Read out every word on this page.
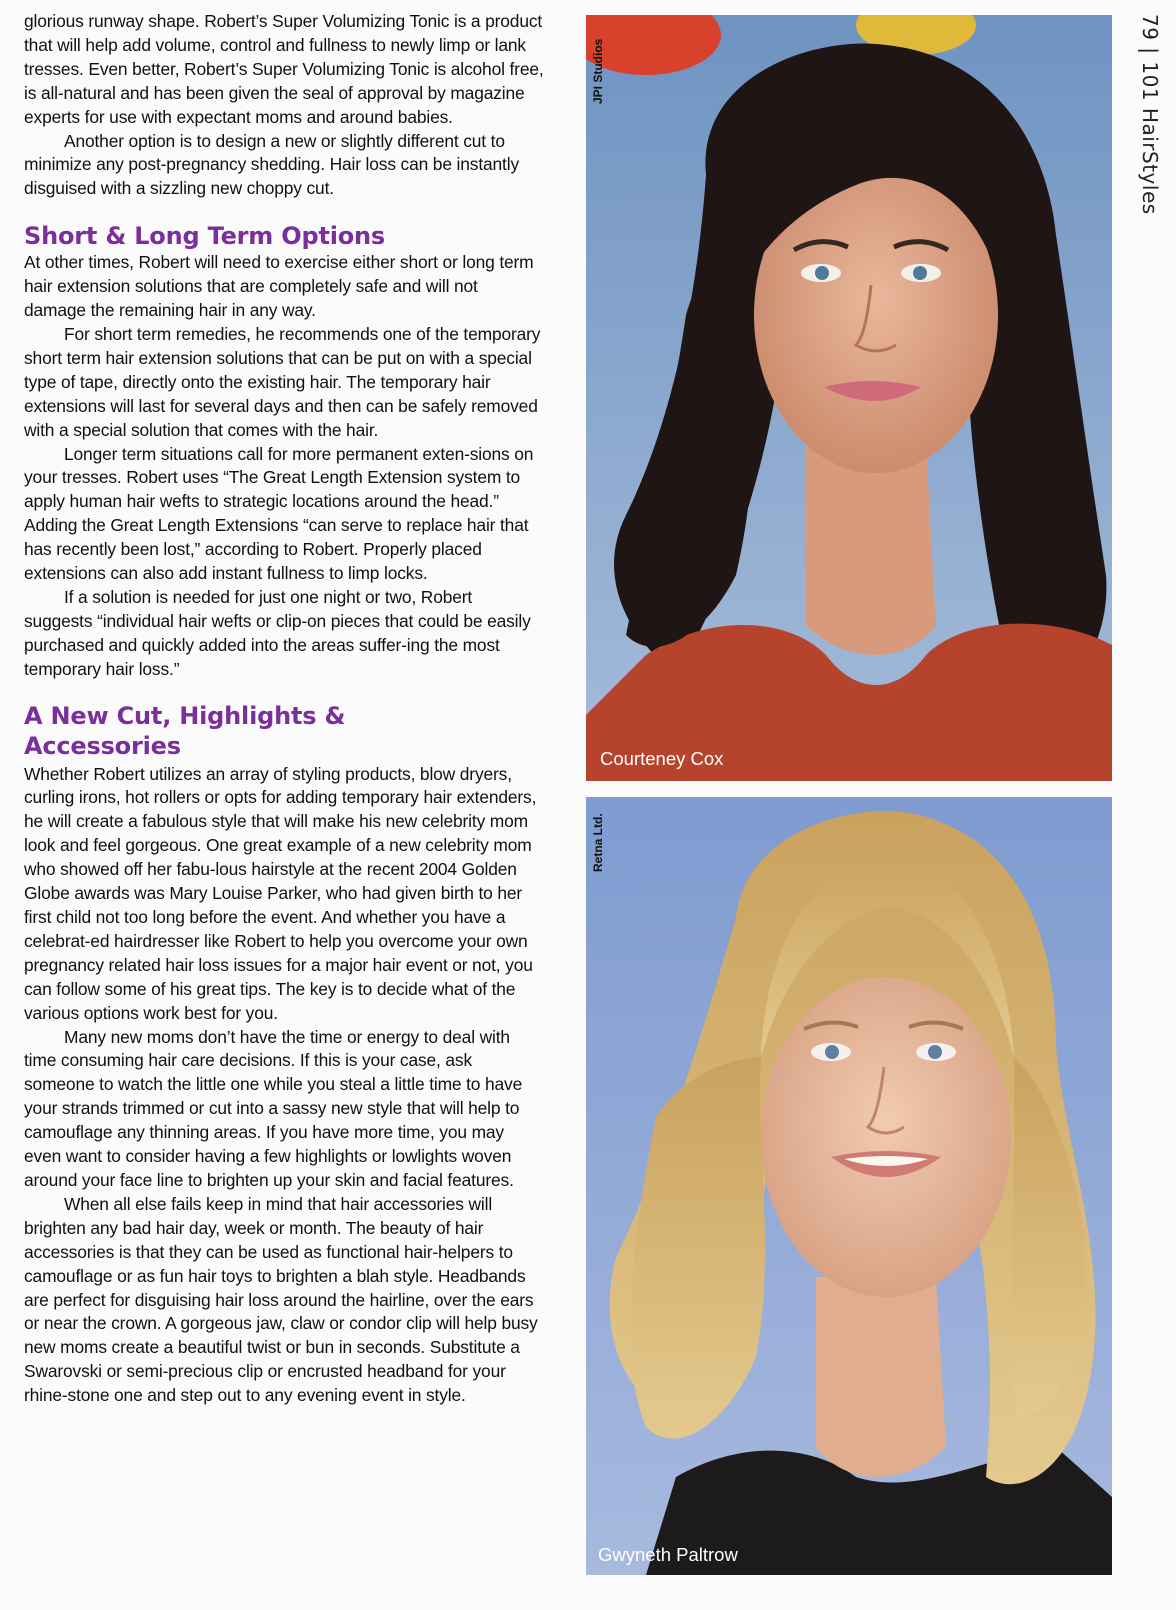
glorious runway shape. Robert’s Super Volumizing Tonic is a product that will help add volume, control and fullness to newly limp or lank tresses. Even better, Robert’s Super Volumizing Tonic is alcohol free, is all-natural and has been given the seal of approval by magazine experts for use with expectant moms and around babies.

Another option is to design a new or slightly different cut to minimize any post-pregnancy shedding. Hair loss can be instantly disguised with a sizzling new choppy cut.

Short & Long Term Options

At other times, Robert will need to exercise either short or long term hair extension solutions that are completely safe and will not damage the remaining hair in any way.

For short term remedies, he recommends one of the temporary short term hair extension solutions that can be put on with a special type of tape, directly onto the existing hair. The temporary hair extensions will last for several days and then can be safely removed with a special solution that comes with the hair.

Longer term situations call for more permanent exten-sions on your tresses. Robert uses “The Great Length Extension system to apply human hair wefts to strategic locations around the head.” Adding the Great Length Extensions “can serve to replace hair that has recently been lost,” according to Robert. Properly placed extensions can also add instant fullness to limp locks.

If a solution is needed for just one night or two, Robert suggests “individual hair wefts or clip-on pieces that could be easily purchased and quickly added into the areas suffer-ing the most temporary hair loss.”

A New Cut, Highlights &
Accessories

Whether Robert utilizes an array of styling products, blow dryers, curling irons, hot rollers or opts for adding temporary hair extenders, he will create a fabulous style that will make his new celebrity mom look and feel gorgeous. One great example of a new celebrity mom who showed off her fabu-lous hairstyle at the recent 2004 Golden Globe awards was Mary Louise Parker, who had given birth to her first child not too long before the event. And whether you have a celebrat-ed hairdresser like Robert to help you overcome your own pregnancy related hair loss issues for a major hair event or not, you can follow some of his great tips. The key is to decide what of the various options work best for you.

Many new moms don’t have the time or energy to deal with time consuming hair care decisions. If this is your case, ask someone to watch the little one while you steal a little time to have your strands trimmed or cut into a sassy new style that will help to camouflage any thinning areas. If you have more time, you may even want to consider having a few highlights or lowlights woven around your face line to brighten up your skin and facial features.

When all else fails keep in mind that hair accessories will brighten any bad hair day, week or month. The beauty of hair accessories is that they can be used as functional hair-helpers to camouflage or as fun hair toys to brighten a blah style. Headbands are perfect for disguising hair loss around the hairline, over the ears or near the crown. A gorgeous jaw, claw or condor clip will help busy new moms create a beautiful twist or bun in seconds. Substitute a Swarovski or semi-precious clip or encrusted headband for your rhine-stone one and step out to any evening event in style.

JPI Studios
Courteney Cox
Retna Ltd.
Gwyneth Paltrow
79 | 101 HairStyles
